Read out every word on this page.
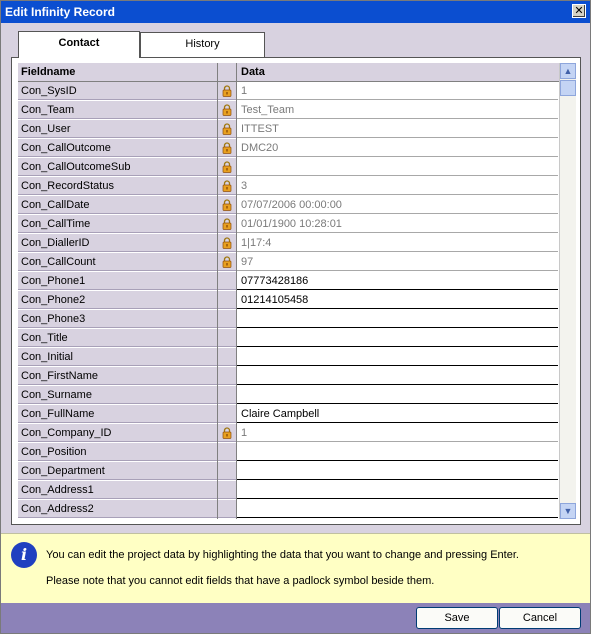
Edit Infinity Record	✕
Contact	History
Fieldname	Data
Con_SysID	1
Con_Team	Test_Team
Con_User	ITTEST
Con_CallOutcome	DMC20
Con_CallOutcomeSub
Con_RecordStatus	3
Con_CallDate	07/07/2006 00:00:00
Con_CallTime	01/01/1900 10:28:01
Con_DiallerID	1|17:4
Con_CallCount	97
Con_Phone1	07773428186
Con_Phone2	01214105458
Con_Phone3
Con_Title
Con_Initial
Con_FirstName
Con_Surname
Con_FullName	Claire Campbell
Con_Company_ID	1
Con_Position
Con_Department
Con_Address1
Con_Address2
▲
▼
i	You can edit the project data by highlighting the data that you want to change and pressing Enter.
Please note that you cannot edit fields that have a padlock symbol beside them.
Save	Cancel
